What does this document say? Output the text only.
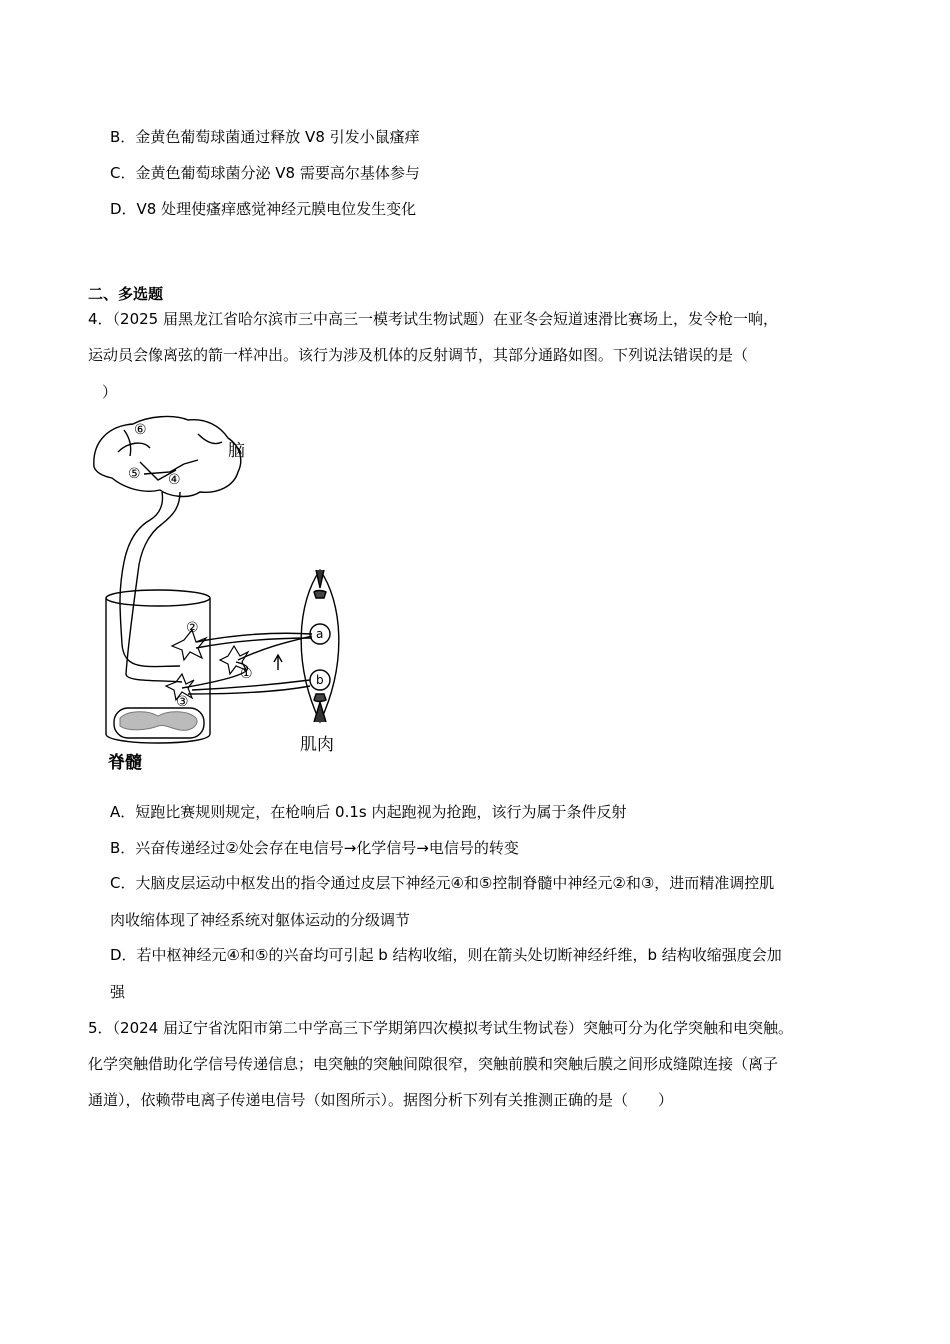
B．金黄色葡萄球菌通过释放 V8 引发小鼠瘙痒
C．金黄色葡萄球菌分泌 V8 需要高尔基体参与
D．V8 处理使瘙痒感觉神经元膜电位发生变化
二、多选题
4．（2025 届黑龙江省哈尔滨市三中高三一模考试生物试题）在亚冬会短道速滑比赛场上，发令枪一响，
运动员会像离弦的箭一样冲出。该行为涉及机体的反射调节，其部分通路如图。下列说法错误的是（
）
⑥
⑤ ④
脑
②
①
③
a
b
脊髓
肌肉
A．短跑比赛规则规定，在枪响后 0.1s 内起跑视为抢跑，该行为属于条件反射
B．兴奋传递经过②处会存在电信号→化学信号→电信号的转变
C．大脑皮层运动中枢发出的指令通过皮层下神经元④和⑤控制脊髓中神经元②和③，进而精准调控肌
肉收缩体现了神经系统对躯体运动的分级调节
D．若中枢神经元④和⑤的兴奋均可引起 b 结构收缩，则在箭头处切断神经纤维，b 结构收缩强度会加
强
5．（2024 届辽宁省沈阳市第二中学高三下学期第四次模拟考试生物试卷）突触可分为化学突触和电突触。
化学突触借助化学信号传递信息；电突触的突触间隙很窄，突触前膜和突触后膜之间形成缝隙连接（离子
通道），依赖带电离子传递电信号（如图所示）。据图分析下列有关推测正确的是（　　）
